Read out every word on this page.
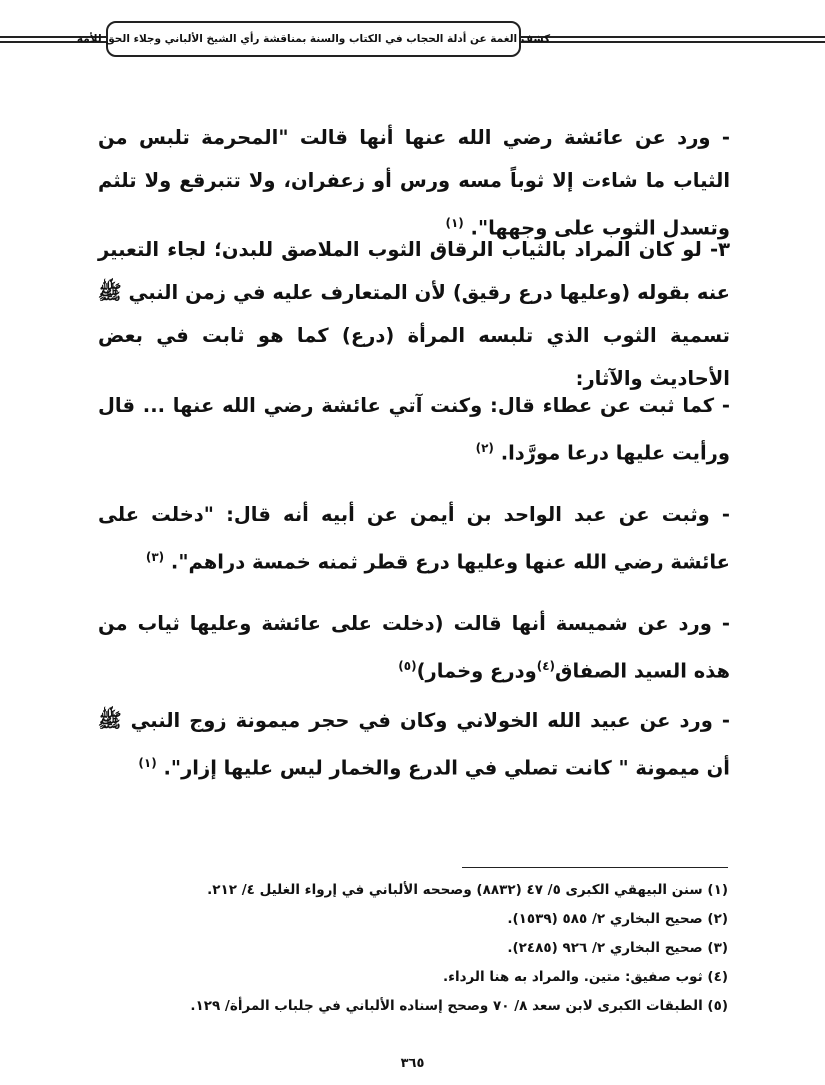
كشف الغمة عن أدلة الحجاب في الكتاب والسنة بمناقشة رأي الشيخ الألباني وجلاء الحق للأمة
- ورد عن عائشة رضي الله عنها أنها قالت "المحرمة تلبس من الثياب ما شاءت إلا ثوباً مسه ورس أو زعفران، ولا تتبرقع ولا تلثم وتسدل الثوب على وجهها". $^{(١)}$
٣- لو كان المراد بالثياب الرقاق الثوب الملاصق للبدن؛ لجاء التعبير عنه بقوله (وعليها درع رقيق) لأن المتعارف عليه في زمن النبي ﷺ تسمية الثوب الذي تلبسه المرأة (درع) كما هو ثابت في بعض الأحاديث والآثار:
- كما ثبت عن عطاء قال: وكنت آتي عائشة رضي الله عنها ... قال ورأيت عليها درعا مورَّدا. $^{(٢)}$
- وثبت عن عبد الواحد بن أيمن عن أبيه أنه قال: "دخلت على عائشة رضي الله عنها وعليها درع قطر ثمنه خمسة دراهم". $^{(٣)}$
- ورد عن شميسة أنها قالت (دخلت على عائشة وعليها ثياب من هذه السيد الصفاق$^{(٤)}$ودرع وخمار)$^{(٥)}$
- ورد عن عبيد الله الخولاني وكان في حجر ميمونة زوج النبي ﷺ أن ميمونة " كانت تصلي في الدرع والخمار ليس عليها إزار". $^{(١)}$
(١) سنن البيهقي الكبرى ٥/ ٤٧ (٨٨٣٢) وصححه الألباني في إرواء الغليل ٤/ ٢١٢.
(٢) صحيح البخاري ٢/ ٥٨٥ (١٥٣٩).
(٣) صحيح البخاري ٢/ ٩٢٦ (٢٤٨٥).
(٤) ثوب صفيق: متين. والمراد به هنا الرداء.
(٥) الطبقات الكبرى لابن سعد ٨/ ٧٠ وصحح إسناده الألباني في جلباب المرأة/ ١٢٩.
٣٦٥
